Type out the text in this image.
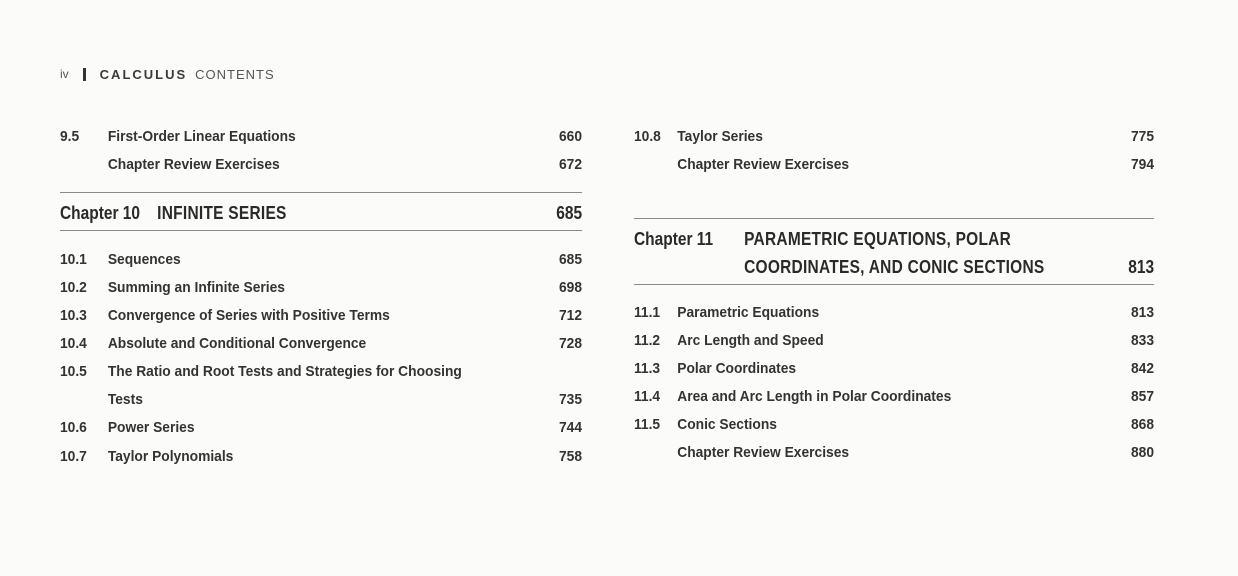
iv CALCULUS CONTENTS
9.5 First-Order Linear Equations	660
Chapter Review Exercises	672
Chapter 10 INFINITE SERIES	685
10.1 Sequences	685
10.2 Summing an Infinite Series	698
10.3 Convergence of Series with Positive Terms	712
10.4 Absolute and Conditional Convergence	728
10.5 The Ratio and Root Tests and Strategies for Choosing
Tests	735
10.6 Power Series	744
10.7 Taylor Polynomials	758
10.8 Taylor Series	775
Chapter Review Exercises	794
Chapter 11 PARAMETRIC EQUATIONS, POLAR
COORDINATES, AND CONIC SECTIONS	813
11.1 Parametric Equations	813
11.2 Arc Length and Speed	833
11.3 Polar Coordinates	842
11.4 Area and Arc Length in Polar Coordinates	857
11.5 Conic Sections	868
Chapter Review Exercises	880
